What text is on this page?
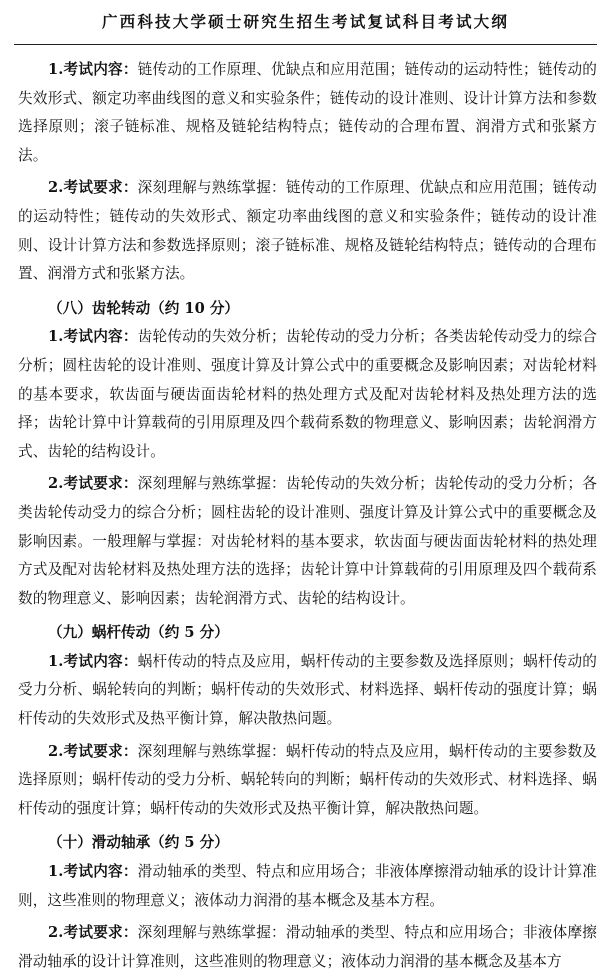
广西科技大学硕士研究生招生考试复试科目考试大纲

1.考试内容：链传动的工作原理、优缺点和应用范围；链传动的运动特性；链传动的失效形式、额定功率曲线图的意义和实验条件；链传动的设计准则、设计计算方法和参数选择原则；滚子链标准、规格及链轮结构特点；链传动的合理布置、润滑方式和张紧方法。

2.考试要求：深刻理解与熟练掌握：链传动的工作原理、优缺点和应用范围；链传动的运动特性；链传动的失效形式、额定功率曲线图的意义和实验条件；链传动的设计准则、设计计算方法和参数选择原则；滚子链标准、规格及链轮结构特点；链传动的合理布置、润滑方式和张紧方法。

（八）齿轮转动（约 10 分）

1.考试内容：齿轮传动的失效分析；齿轮传动的受力分析；各类齿轮传动受力的综合分析；圆柱齿轮的设计准则、强度计算及计算公式中的重要概念及影响因素；对齿轮材料的基本要求，软齿面与硬齿面齿轮材料的热处理方式及配对齿轮材料及热处理方法的选择；齿轮计算中计算载荷的引用原理及四个载荷系数的物理意义、影响因素；齿轮润滑方式、齿轮的结构设计。

2.考试要求：深刻理解与熟练掌握：齿轮传动的失效分析；齿轮传动的受力分析；各类齿轮传动受力的综合分析；圆柱齿轮的设计准则、强度计算及计算公式中的重要概念及影响因素。一般理解与掌握：对齿轮材料的基本要求，软齿面与硬齿面齿轮材料的热处理方式及配对齿轮材料及热处理方法的选择；齿轮计算中计算载荷的引用原理及四个载荷系数的物理意义、影响因素；齿轮润滑方式、齿轮的结构设计。

（九）蜗杆传动（约 5 分）

1.考试内容：蜗杆传动的特点及应用，蜗杆传动的主要参数及选择原则；蜗杆传动的受力分析、蜗轮转向的判断；蜗杆传动的失效形式、材料选择、蜗杆传动的强度计算；蜗杆传动的失效形式及热平衡计算，解决散热问题。

2.考试要求：深刻理解与熟练掌握：蜗杆传动的特点及应用，蜗杆传动的主要参数及选择原则；蜗杆传动的受力分析、蜗轮转向的判断；蜗杆传动的失效形式、材料选择、蜗杆传动的强度计算；蜗杆传动的失效形式及热平衡计算，解决散热问题。

（十）滑动轴承（约 5 分）

1.考试内容：滑动轴承的类型、特点和应用场合；非液体摩擦滑动轴承的设计计算准则，这些准则的物理意义；液体动力润滑的基本概念及基本方程。

2.考试要求：深刻理解与熟练掌握：滑动轴承的类型、特点和应用场合；非液体摩擦滑动轴承的设计计算准则，这些准则的物理意义；液体动力润滑的基本概念及基本方
